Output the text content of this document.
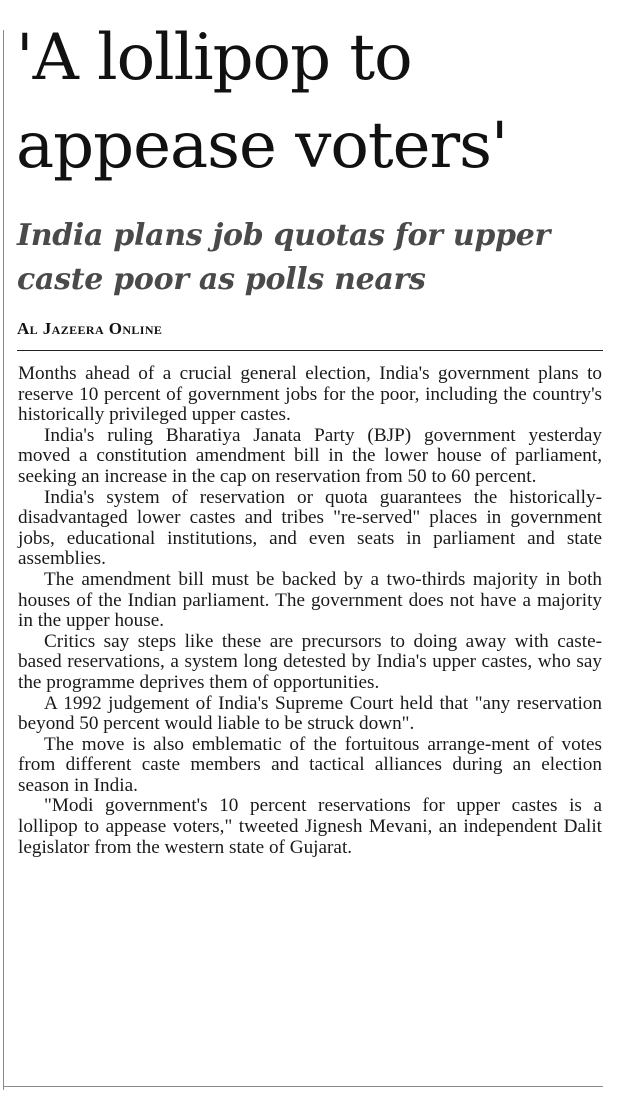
'A lollipop to appease voters'
India plans job quotas for upper caste poor as polls nears
Al Jazeera Online

Months ahead of a crucial general election, India's government plans to reserve 10 percent of government jobs for the poor, including the country's historically privileged upper castes.

India's ruling Bharatiya Janata Party (BJP) government yesterday moved a constitution amendment bill in the lower house of parliament, seeking an increase in the cap on reservation from 50 to 60 percent.

India's system of reservation or quota guarantees the historically-disadvantaged lower castes and tribes "re-served" places in government jobs, educational institutions, and even seats in parliament and state assemblies.

The amendment bill must be backed by a two-thirds majority in both houses of the Indian parliament. The government does not have a majority in the upper house.

Critics say steps like these are precursors to doing away with caste-based reservations, a system long detested by India's upper castes, who say the programme deprives them of opportunities.

A 1992 judgement of India's Supreme Court held that "any reservation beyond 50 percent would liable to be struck down".

The move is also emblematic of the fortuitous arrange-ment of votes from different caste members and tactical alliances during an election season in India.

"Modi government's 10 percent reservations for upper castes is a lollipop to appease voters," tweeted Jignesh Mevani, an independent Dalit legislator from the western state of Gujarat.
